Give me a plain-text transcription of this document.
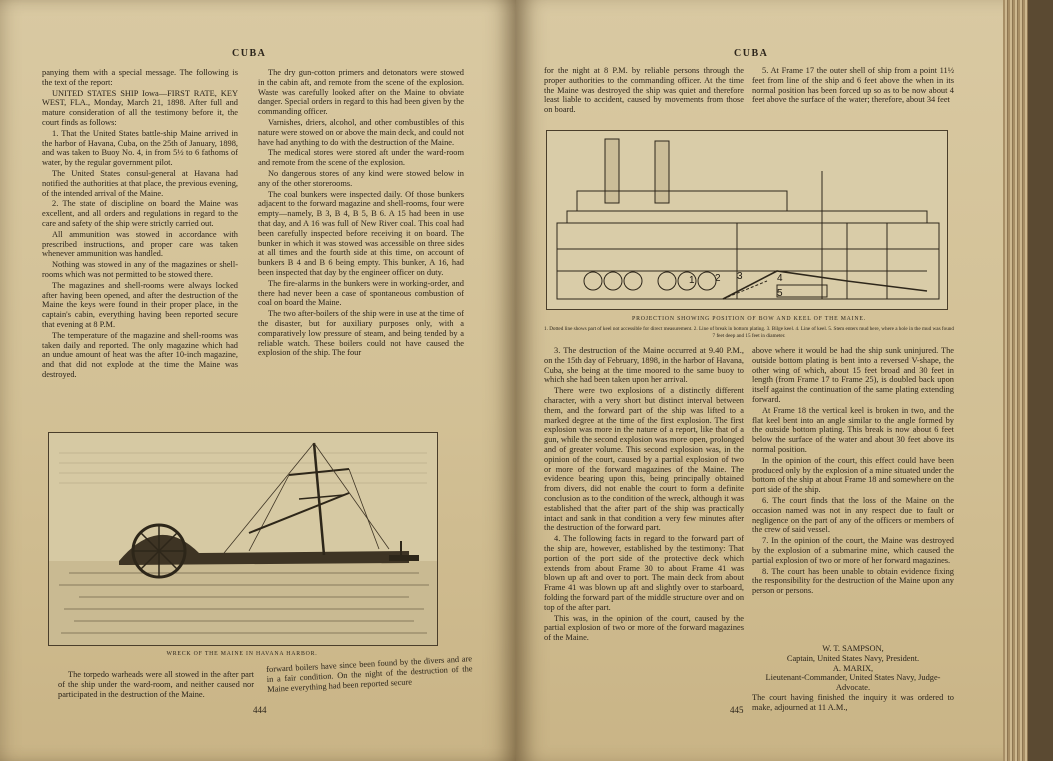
CUBA

panying them with a special message. The following is the text of the report:

UNITED STATES SHIP Iowa—FIRST RATE, KEY WEST, FLA., Monday, March 21, 1898. After full and mature consideration of all the testimony before it, the court finds as follows:

1. That the United States battle-ship Maine arrived in the harbor of Havana, Cuba, on the 25th of January, 1898, and was taken to Buoy No. 4, in from 5½ to 6 fathoms of water, by the regular government pilot.

The United States consul-general at Havana had notified the authorities at that place, the previous evening, of the intended arrival of the Maine.

2. The state of discipline on board the Maine was excellent, and all orders and regulations in regard to the care and safety of the ship were strictly carried out.

All ammunition was stowed in accordance with prescribed instructions, and proper care was taken whenever ammunition was handled.

Nothing was stowed in any of the magazines or shell-rooms which was not permitted to be stowed there.

The magazines and shell-rooms were always locked after having been opened, and after the destruction of the Maine the keys were found in their proper place, in the captain's cabin, everything having been reported secure that evening at 8 P.M.

The temperature of the magazine and shell-rooms was taken daily and reported. The only magazine which had an undue amount of heat was the after 10-inch magazine, and that did not explode at the time the Maine was destroyed.

The dry gun-cotton primers and detonators were stowed in the cabin aft, and remote from the scene of the explosion. Waste was carefully looked after on the Maine to obviate danger. Special orders in regard to this had been given by the commanding officer.

Varnishes, driers, alcohol, and other combustibles of this nature were stowed on or above the main deck, and could not have had anything to do with the destruction of the Maine.

The medical stores were stored aft under the ward-room and remote from the scene of the explosion.

No dangerous stores of any kind were stowed below in any of the other storerooms.

The coal bunkers were inspected daily. Of those bunkers adjacent to the forward magazine and shell-rooms, four were empty—namely, B 3, B 4, B 5, B 6. A 15 had been in use that day, and A 16 was full of New River coal. This coal had been carefully inspected before receiving it on board. The bunker in which it was stowed was accessible on three sides at all times and the fourth side at this time, on account of bunkers B 4 and B 6 being empty. This bunker, A 16, had been inspected that day by the engineer officer on duty.

The fire-alarms in the bunkers were in working-order, and there had never been a case of spontaneous combustion of coal on board the Maine.

The two after-boilers of the ship were in use at the time of the disaster, but for auxiliary purposes only, with a comparatively low pressure of steam, and being tended by a reliable watch. These boilers could not have caused the explosion of the ship. The four

WRECK OF THE MAINE IN HAVANA HARBOR.

The torpedo warheads were all stowed in the after part of the ship under the ward-room, and neither caused nor participated in the destruction of the Maine.

forward boilers have since been found by the divers and are in a fair condition. On the night of the destruction of the Maine everything had been reported secure

444
CUBA

for the night at 8 P.M. by reliable persons through the proper authorities to the commanding officer. At the time the Maine was destroyed the ship was quiet and therefore least liable to accident, caused by movements from those on board.

5. At Frame 17 the outer shell of ship from a point 11½ feet from line of the ship and 6 feet above the when in its normal position has been forced up so as to be now about 4 feet above the surface of the water; therefore, about 34 feet

1 2 3	4
5
PROJECTION SHOWING POSITION OF BOW AND KEEL OF THE MAINE.
1. Dotted line shows part of keel not accessible for direct measurement. 2. Line of break in bottom plating. 3. Bilge keel. 4. Line of keel. 5. Stem enters mud here, where a hole in the mud was found 7 feet deep and 15 feet in diameter.

3. The destruction of the Maine occurred at 9.40 P.M., on the 15th day of February, 1898, in the harbor of Havana, Cuba, she being at the time moored to the same buoy to which she had been taken upon her arrival.

There were two explosions of a distinctly different character, with a very short but distinct interval between them, and the forward part of the ship was lifted to a marked degree at the time of the first explosion. The first explosion was more in the nature of a report, like that of a gun, while the second explosion was more open, prolonged and of greater volume. This second explosion was, in the opinion of the court, caused by a partial explosion of two or more of the forward magazines of the Maine. The evidence bearing upon this, being principally obtained from divers, did not enable the court to form a definite conclusion as to the condition of the wreck, although it was established that the after part of the ship was practically intact and sank in that condition a very few minutes after the destruction of the forward part.

4. The following facts in regard to the forward part of the ship are, however, established by the testimony: That portion of the port side of the protective deck which extends from about Frame 30 to about Frame 41 was blown up aft and over to port. The main deck from about Frame 41 was blown up aft and slightly over to starboard, folding the forward part of the middle structure over and on top of the after part.

This was, in the opinion of the court, caused by the partial explosion of two or more of the forward magazines of the Maine.

above where it would be had the ship sunk uninjured. The outside bottom plating is bent into a reversed V-shape, the other wing of which, about 15 feet broad and 30 feet in length (from Frame 17 to Frame 25), is doubled back upon itself against the continuation of the same plating extending forward.

At Frame 18 the vertical keel is broken in two, and the flat keel bent into an angle similar to the angle formed by the outside bottom plating. This break is now about 6 feet below the surface of the water and about 30 feet above its normal position.

In the opinion of the court, this effect could have been produced only by the explosion of a mine situated under the bottom of the ship at about Frame 18 and somewhere on the port side of the ship.

6. The court finds that the loss of the Maine on the occasion named was not in any respect due to fault or negligence on the part of any of the officers or members of the crew of said vessel.

7. In the opinion of the court, the Maine was destroyed by the explosion of a submarine mine, which caused the partial explosion of two or more of her forward magazines.

8. The court has been unable to obtain evidence fixing the responsibility for the destruction of the Maine upon any person or persons.

W. T. SAMPSON,
Captain, United States Navy, President.
A. MARIX,
Lieutenant-Commander, United States Navy, Judge-Advocate.
The court having finished the inquiry it was ordered to make, adjourned at 11 A.M.,
445
